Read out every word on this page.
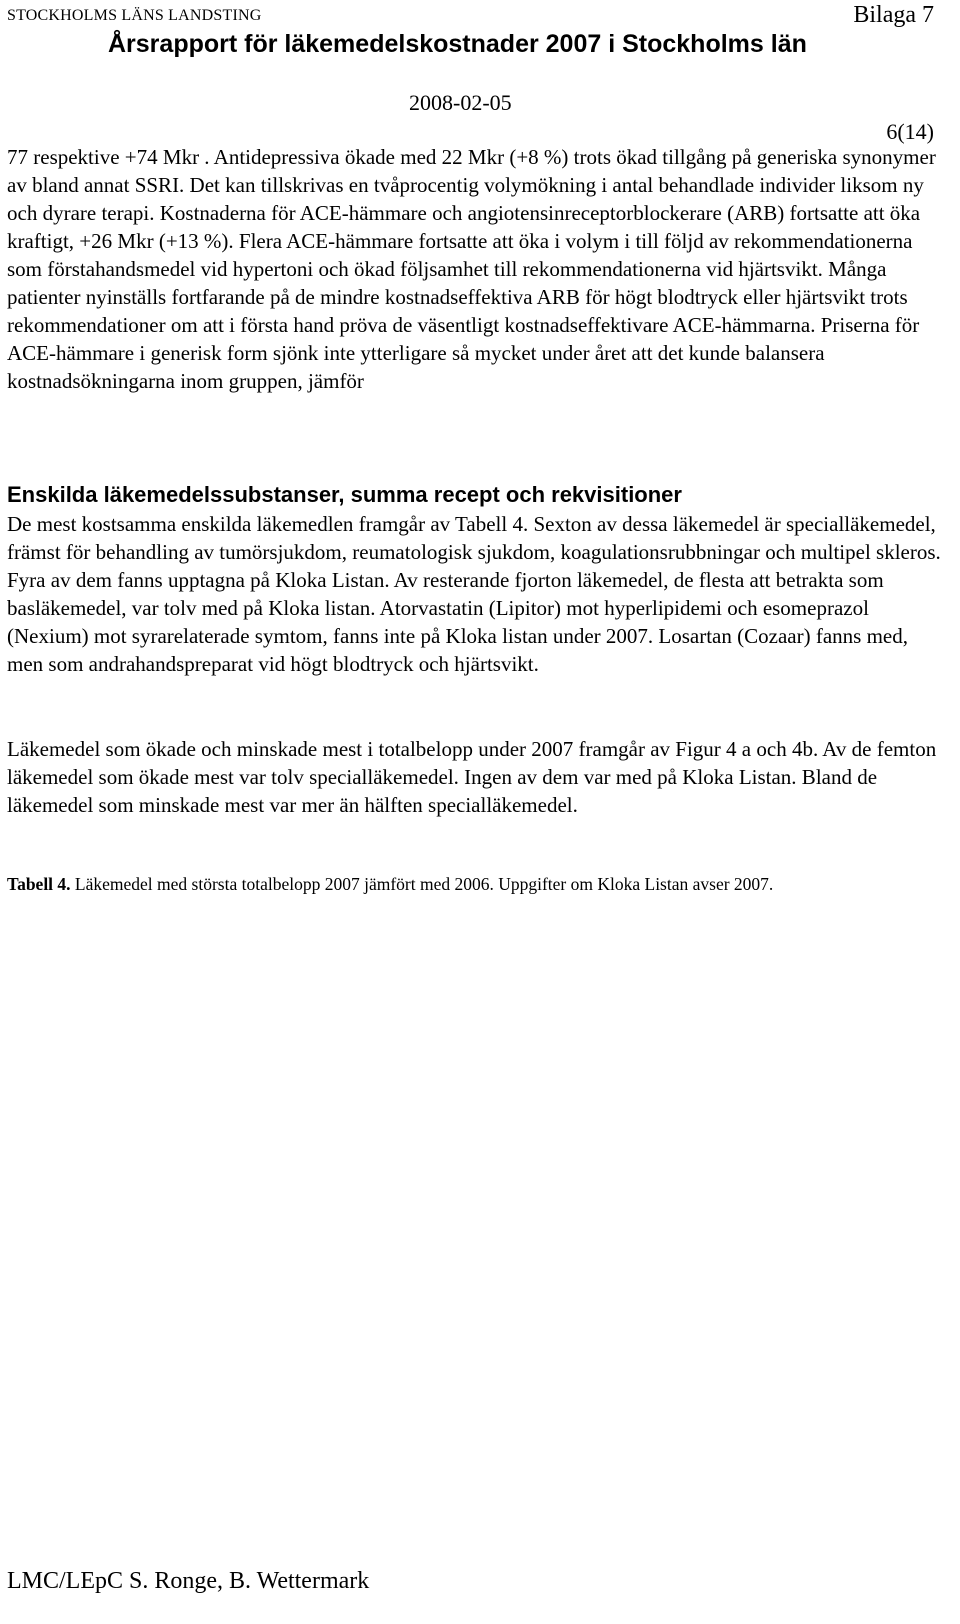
STOCKHOLMS LÄNS LANDSTING	Bilaga 7
Årsrapport för läkemedelskostnader 2007 i Stockholms län
2008-02-05
6(14)

77 respektive +74 Mkr . Antidepressiva ökade med 22 Mkr (+8 %) trots ökad tillgång på generiska synonymer av bland annat SSRI. Det kan tillskrivas en tvåprocentig volymökning i antal behandlade individer liksom ny och dyrare terapi. Kostnaderna för ACE-hämmare och angiotensinreceptorblockerare (ARB) fortsatte att öka kraftigt, +26 Mkr (+13 %). Flera ACE-hämmare fortsatte att öka i volym i till följd av rekommendationerna som förstahandsmedel vid hypertoni och ökad följsamhet till rekommendationerna vid hjärtsvikt. Många patienter nyinställs fortfarande på de mindre kostnadseffektiva ARB för högt blodtryck eller hjärtsvikt trots rekommendationer om att i första hand pröva de väsentligt kostnadseffektivare ACE-hämmarna. Priserna för ACE-hämmare i generisk form sjönk inte ytterligare så mycket under året att det kunde balansera kostnadsökningarna inom gruppen, jämför

Enskilda läkemedelssubstanser, summa recept och rekvisitioner

De mest kostsamma enskilda läkemedlen framgår av Tabell 4. Sexton av dessa läkemedel är specialläkemedel, främst för behandling av tumörsjukdom, reumatologisk sjukdom, koagulationsrubbningar och multipel skleros. Fyra av dem fanns upptagna på Kloka Listan. Av resterande fjorton läkemedel, de flesta att betrakta som basläkemedel, var tolv med på Kloka listan. Atorvastatin (Lipitor) mot hyperlipidemi och esomeprazol (Nexium) mot syrarelaterade symtom, fanns inte på Kloka listan under 2007. Losartan (Cozaar) fanns med, men som andrahandspreparat vid högt blodtryck och hjärtsvikt.

Läkemedel som ökade och minskade mest i totalbelopp under 2007 framgår av Figur 4 a och 4b. Av de femton läkemedel som ökade mest var tolv specialläkemedel. Ingen av dem var med på Kloka Listan. Bland de läkemedel som minskade mest var mer än hälften specialläkemedel.

Tabell 4. Läkemedel med största totalbelopp 2007 jämfört med 2006. Uppgifter om Kloka Listan avser 2007.
LMC/LEpC S. Ronge, B. Wettermark
